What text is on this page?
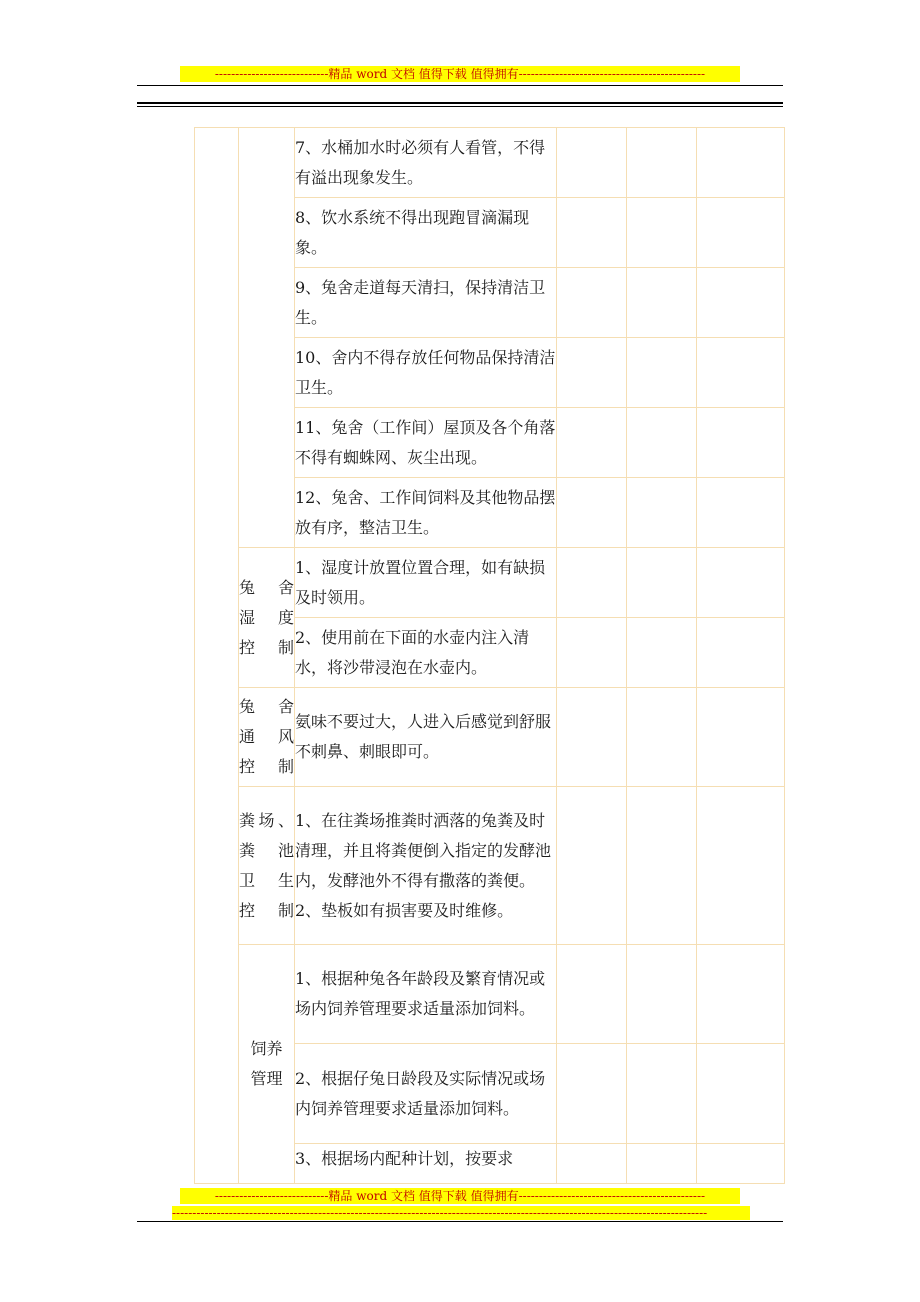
----------------------------精品 word 文档 值得下载 值得拥有----------------------------------------------
		7、水桶加水时必须有人看管，不得有溢出现象发生。			
		8、饮水系统不得出现跑冒滴漏现象。			
		9、兔舍走道每天清扫，保持清洁卫生。			
		10、舍内不得存放任何物品保持清洁卫生。			
		11、兔舍（工作间）屋顶及各个角落不得有蜘蛛网、灰尘出现。			
		12、兔舍、工作间饲料及其他物品摆放有序，整洁卫生。			

	兔 舍
湿 度
控制	1、湿度计放置位置合理，如有缺损及时领用。			
		2、使用前在下面的水壶内注入清水，将沙带浸泡在水壶内。			

	兔 舍
通 风
控制	氨味不要过大，人进入后感觉到舒服不刺鼻、刺眼即可。			

	粪场、
粪 池
卫 生
控制	1、在往粪场推粪时洒落的兔粪及时清理，并且将粪便倒入指定的发酵池内，发酵池外不得有撒落的粪便。
2、垫板如有损害要及时维修。			

	饲养
管理	1、根据种兔各年龄段及繁育情况或场内饲养管理要求适量添加饲料。			
		2、根据仔兔日龄段及实际情况或场内饲养管理要求适量添加饲料。			
		3、根据场内配种计划，按要求			
----------------------------精品 word 文档 值得下载 值得拥有----------------------------------------------
------------------------------------------------------------------------------------------------------------------------------------
